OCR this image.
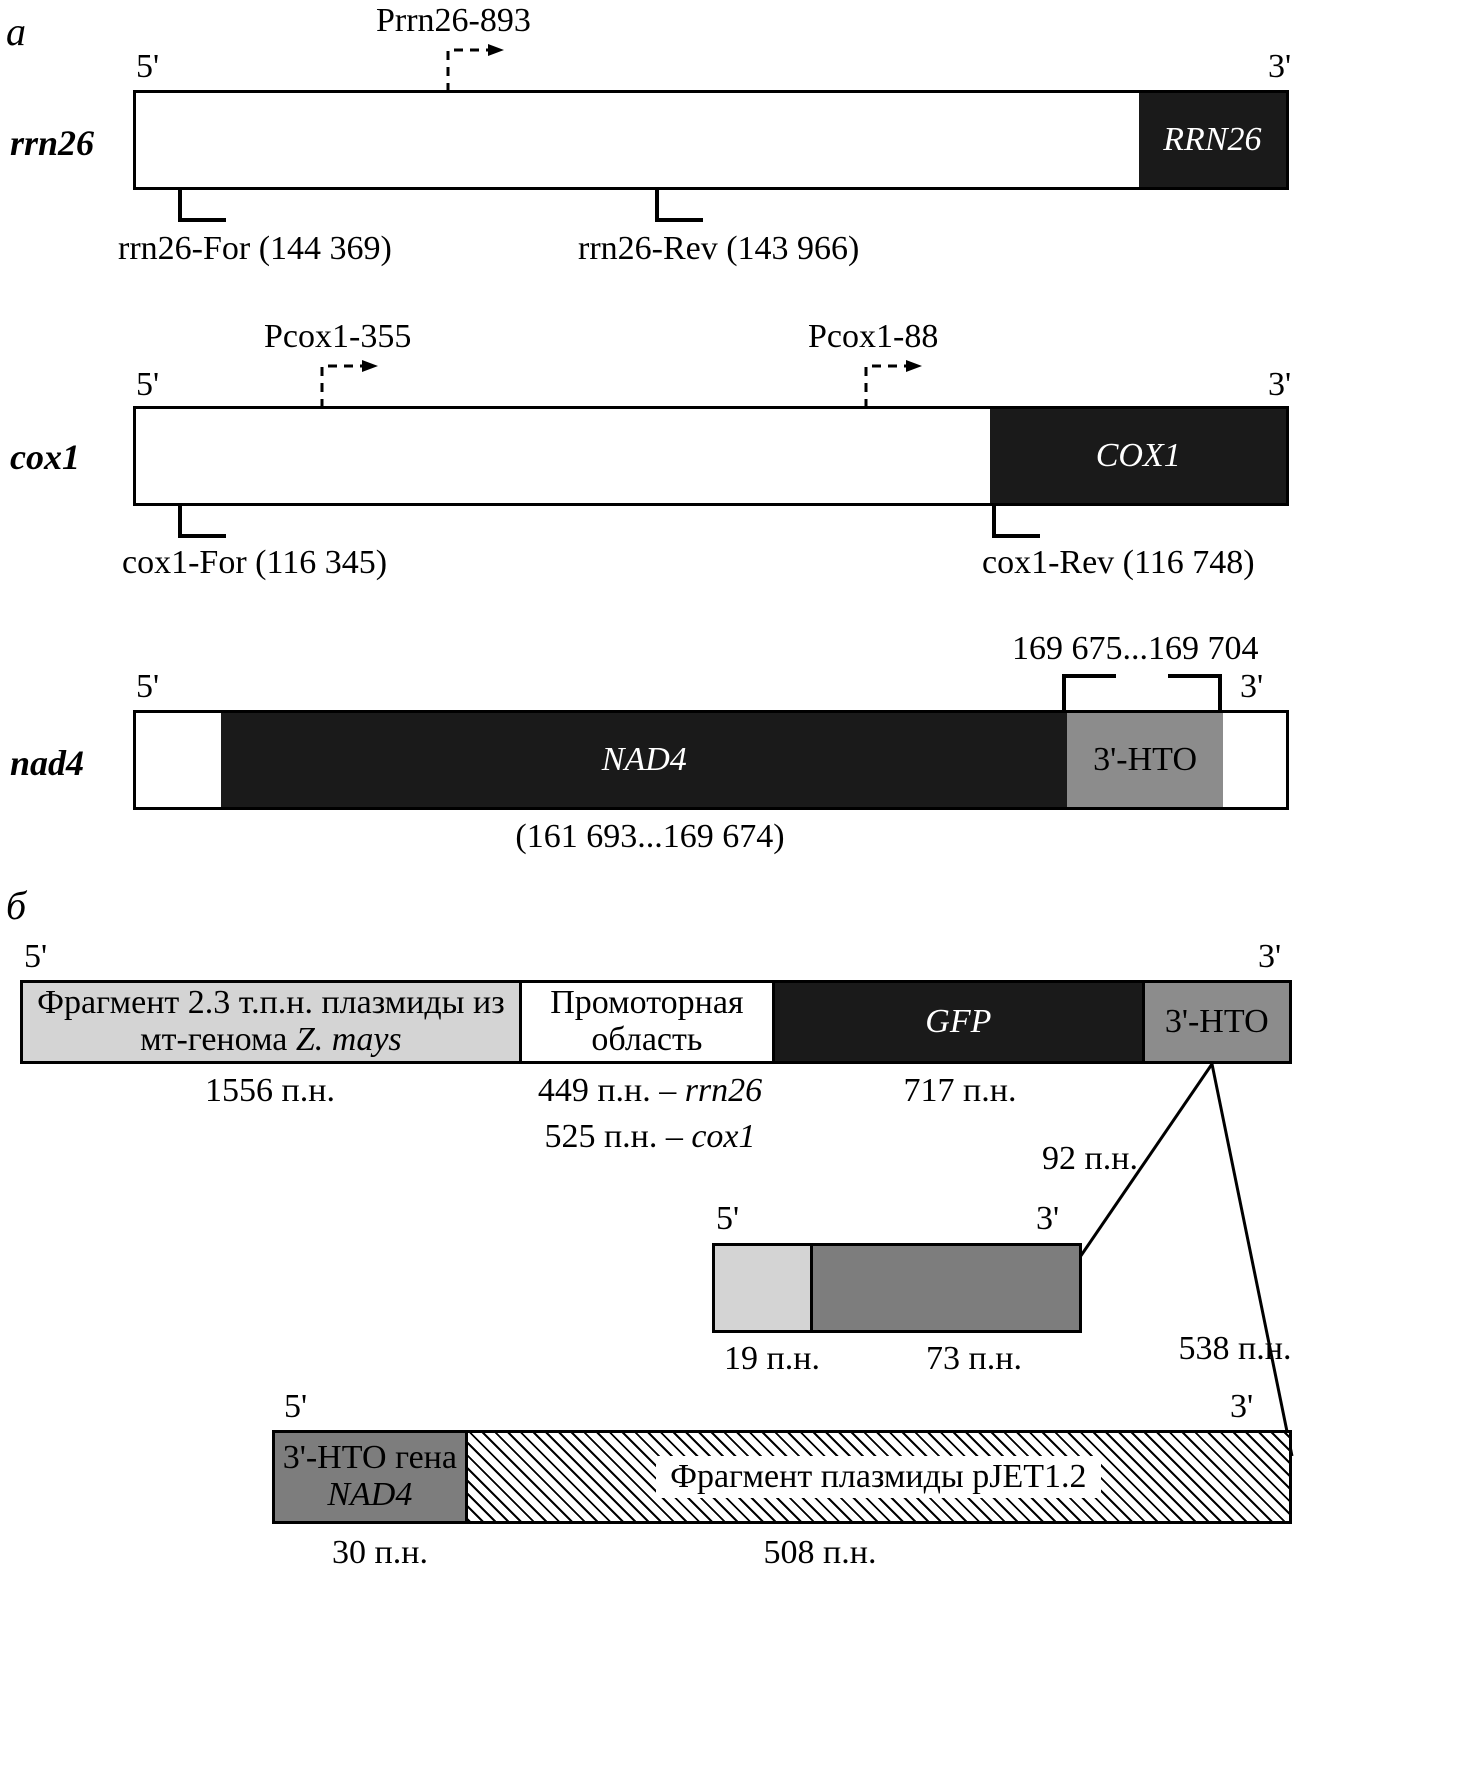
а
rrn26
5'	3'
Prrn26-893
RRN26
rrn26-For (144 369)	rrn26-Rev (143 966)
cox1
5'	3'
Pcox1-355	Pcox1-88
COX1
cox1-For (116 345)	cox1-Rev (116 748)
nad4
5'	3'
169 675...169 704
NAD4	3'-НТО
(161 693...169 674)
б
5'	3'
Фрагмент 2.3 т.п.н. плазмиды из мт-генома Z. mays
Промоторная область	GFP	3'-НТО
1556 п.н.	449 п.н. – rrn26
525 п.н. – cox1
717 п.н.
92 п.н.
538 п.н.
5'	3'
19 п.н.	73 п.н.
5'	3'
3'-НТО гена NAD4	Фрагмент плазмиды pJET1.2
30 п.н.	508 п.н.
